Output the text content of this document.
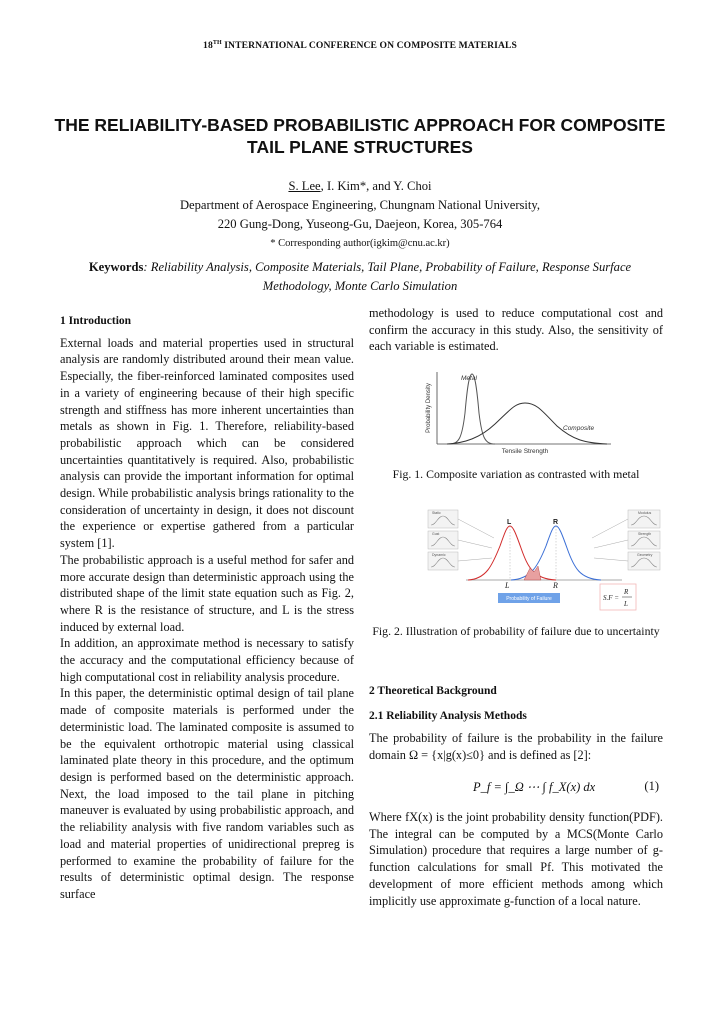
18TH INTERNATIONAL CONFERENCE ON COMPOSITE MATERIALS
THE RELIABILITY-BASED PROBABILISTIC APPROACH FOR COMPOSITE TAIL PLANE STRUCTURES
S. Lee, I. Kim*, and Y. Choi
Department of Aerospace Engineering, Chungnam National University,
220 Gung-Dong, Yuseong-Gu, Daejeon, Korea, 305-764
* Corresponding author(igkim@cnu.ac.kr)
Keywords: Reliability Analysis, Composite Materials, Tail Plane, Probability of Failure, Response Surface Methodology, Monte Carlo Simulation
1 Introduction

External loads and material properties used in structural analysis are randomly distributed around their mean value. Especially, the fiber-reinforced laminated composites used in a variety of engineering because of their high specific strength and stiffness has more inherent uncertainties than metals as shown in Fig. 1. Therefore, reliability-based probabilistic approach which can be considered uncertainties quantitatively is required. Also, probabilistic analysis can provide the important information for optimal design. While probabilistic analysis brings rationality to the consideration of uncertainty in design, it does not discount the experience or expertise gathered from a particular system [1].

The probabilistic approach is a useful method for safer and more accurate design than deterministic approach using the distributed shape of the limit state equation such as Fig. 2, where R is the resistance of structure, and L is the stress induced by external load.

In addition, an approximate method is necessary to satisfy the accuracy and the computational efficiency because of high computational cost in reliability analysis procedure.

In this paper, the deterministic optimal design of tail plane made of composite materials is performed under the deterministic load. The laminated composite is assumed to be the equivalent orthotropic material using classical laminated plate theory in this procedure, and the optimum design is performed based on the deterministic approach. Next, the load imposed to the tail plane in pitching maneuver is evaluated by using probabilistic approach, and the reliability analysis with five random variables such as load and material properties of unidirectional prepreg is performed to examine the probability of failure for the results of deterministic optimal design. The response surface

methodology is used to reduce computational cost and confirm the accuracy in this study. Also, the sensitivity of each variable is estimated.

Probability Density
Tensile Strength
Metal
Composite
Fig. 1. Composite variation as contrasted with metal
Static
Gust
Dynamic
Modulus
Strength
Geometry
L	R
L	R
Probability of Failure	S.F =
R
L
Fig. 2. Illustration of probability of failure due to uncertainty
2 Theoretical Background
2.1 Reliability Analysis Methods

The probability of failure is the probability in the failure domain Ω = {x|g(x)≤0} and is defined as [2]:

P_f = ∫_Ω ⋯ ∫ f_X(x) dx	(1)

Where fX(x) is the joint probability density function(PDF). The integral can be computed by a MCS(Monte Carlo Simulation) procedure that requires a large number of g-function calculations for small Pf. This motivated the development of more efficient methods among which implicitly use approximate g-function of a local nature.
